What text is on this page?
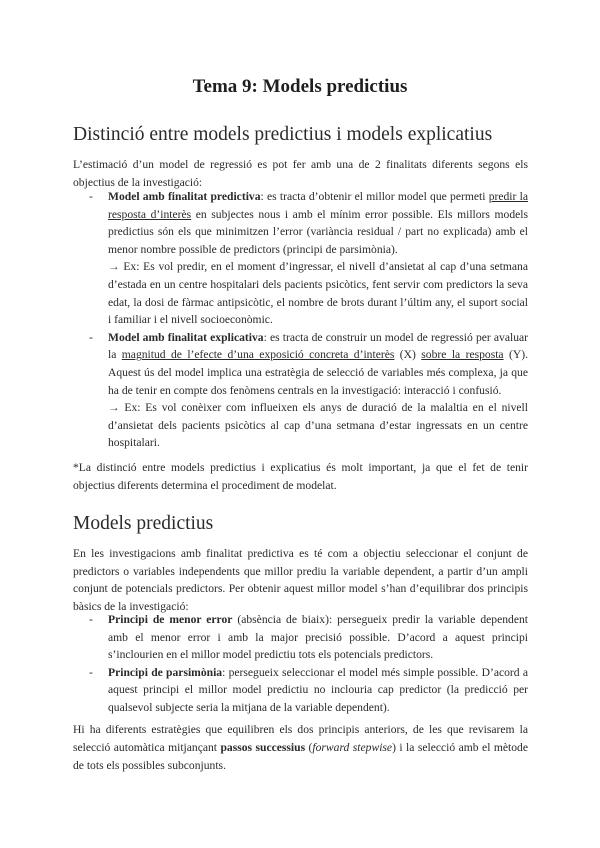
Tema 9: Models predictius
Distinció entre models predictius i models explicatius
L’estimació d’un model de regressió es pot fer amb una de 2 finalitats diferents segons els objectius de la investigació:
- Model amb finalitat predictiva: es tracta d’obtenir el millor model que permeti predir la resposta d’interès en subjectes nous i amb el mínim error possible. Els millors models predictius són els que minimitzen l’error (variància residual / part no explicada) amb el menor nombre possible de predictors (principi de parsimònia).
→ Ex: Es vol predir, en el moment d’ingressar, el nivell d’ansietat al cap d’una setmana d’estada en un centre hospitalari dels pacients psicòtics, fent servir com predictors la seva edat, la dosi de fàrmac antipsicòtic, el nombre de brots durant l’últim any, el suport social i familiar i el nivell socioeconòmic.
- Model amb finalitat explicativa: es tracta de construir un model de regressió per avaluar la magnitud de l’efecte d’una exposició concreta d’interès (X) sobre la resposta (Y). Aquest ús del model implica una estratègia de selecció de variables més complexa, ja que ha de tenir en compte dos fenòmens centrals en la investigació: interacció i confusió.
→ Ex: Es vol conèixer com influeixen els anys de duració de la malaltia en el nivell d’ansietat dels pacients psicòtics al cap d’una setmana d’estar ingressats en un centre hospitalari.
*La distinció entre models predictius i explicatius és molt important, ja que el fet de tenir objectius diferents determina el procediment de modelat.
Models predictius
En les investigacions amb finalitat predictiva es té com a objectiu seleccionar el conjunt de predictors o variables independents que millor prediu la variable dependent, a partir d’un ampli conjunt de potencials predictors. Per obtenir aquest millor model s’han d’equilibrar dos principis bàsics de la investigació:
- Principi de menor error (absència de biaix): persegueix predir la variable dependent amb el menor error i amb la major precisió possible. D’acord a aquest principi s’inclourien en el millor model predictiu tots els potencials predictors.
- Principi de parsimònia: persegueix seleccionar el model més simple possible. D’acord a aquest principi el millor model predictiu no inclouria cap predictor (la predicció per qualsevol subjecte seria la mitjana de la variable dependent).
Hi ha diferents estratègies que equilibren els dos principis anteriors, de les que revisarem la selecció automàtica mitjançant passos successius (forward stepwise) i la selecció amb el mètode de tots els possibles subconjunts.
